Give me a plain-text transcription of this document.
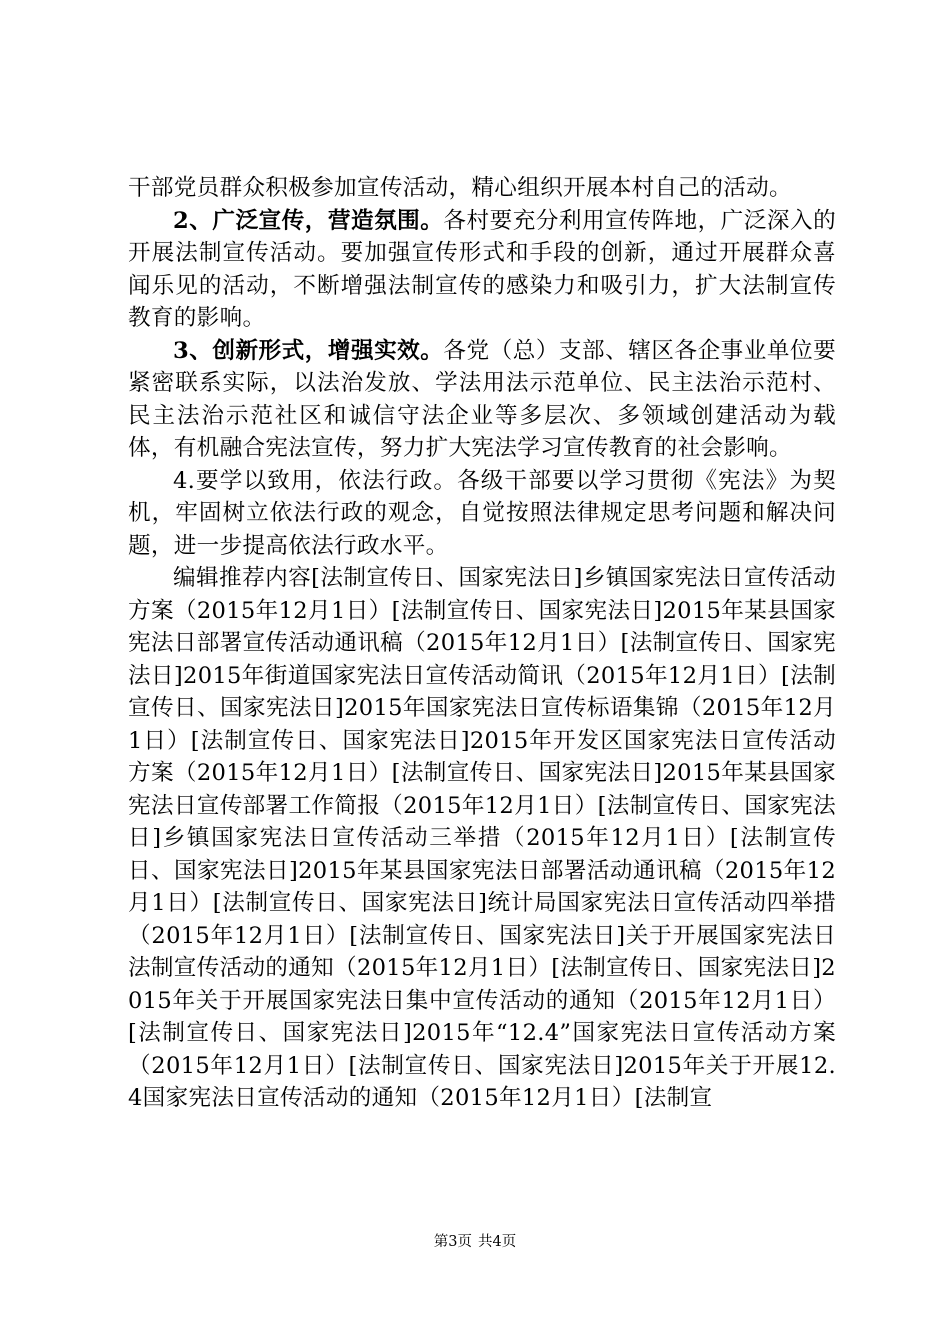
干部党员群众积极参加宣传活动，精心组织开展本村自己的活动。

2、广泛宣传，营造氛围。各村要充分利用宣传阵地，广泛深入的开展法制宣传活动。要加强宣传形式和手段的创新，通过开展群众喜闻乐见的活动，不断增强法制宣传的感染力和吸引力，扩大法制宣传教育的影响。

3、创新形式，增强实效。各党（总）支部、辖区各企事业单位要紧密联系实际，以法治发放、学法用法示范单位、民主法治示范村、民主法治示范社区和诚信守法企业等多层次、多领域创建活动为载体，有机融合宪法宣传，努力扩大宪法学习宣传教育的社会影响。

4.要学以致用，依法行政。各级干部要以学习贯彻《宪法》为契机，牢固树立依法行政的观念，自觉按照法律规定思考问题和解决问题，进一步提高依法行政水平。

编辑推荐内容[法制宣传日、国家宪法日]乡镇国家宪法日宣传活动方案（2015年12月1日）[法制宣传日、国家宪法日]2015年某县国家宪法日部署宣传活动通讯稿（2015年12月1日）[法制宣传日、国家宪法日]2015年街道国家宪法日宣传活动简讯（2015年12月1日）[法制宣传日、国家宪法日]2015年国家宪法日宣传标语集锦（2015年12月1日）[法制宣传日、国家宪法日]2015年开发区国家宪法日宣传活动方案（2015年12月1日）[法制宣传日、国家宪法日]2015年某县国家宪法日宣传部署工作简报（2015年12月1日）[法制宣传日、国家宪法日]乡镇国家宪法日宣传活动三举措（2015年12月1日）[法制宣传日、国家宪法日]2015年某县国家宪法日部署活动通讯稿（2015年12月1日）[法制宣传日、国家宪法日]统计局国家宪法日宣传活动四举措（2015年12月1日）[法制宣传日、国家宪法日]关于开展国家宪法日法制宣传活动的通知（2015年12月1日）[法制宣传日、国家宪法日]2015年关于开展国家宪法日集中宣传活动的通知（2015年12月1日）[法制宣传日、国家宪法日]2015年“12.4”国家宪法日宣传活动方案（2015年12月1日）[法制宣传日、国家宪法日]2015年关于开展12.4国家宪法日宣传活动的通知（2015年12月1日）[法制宣

第3页 共4页
